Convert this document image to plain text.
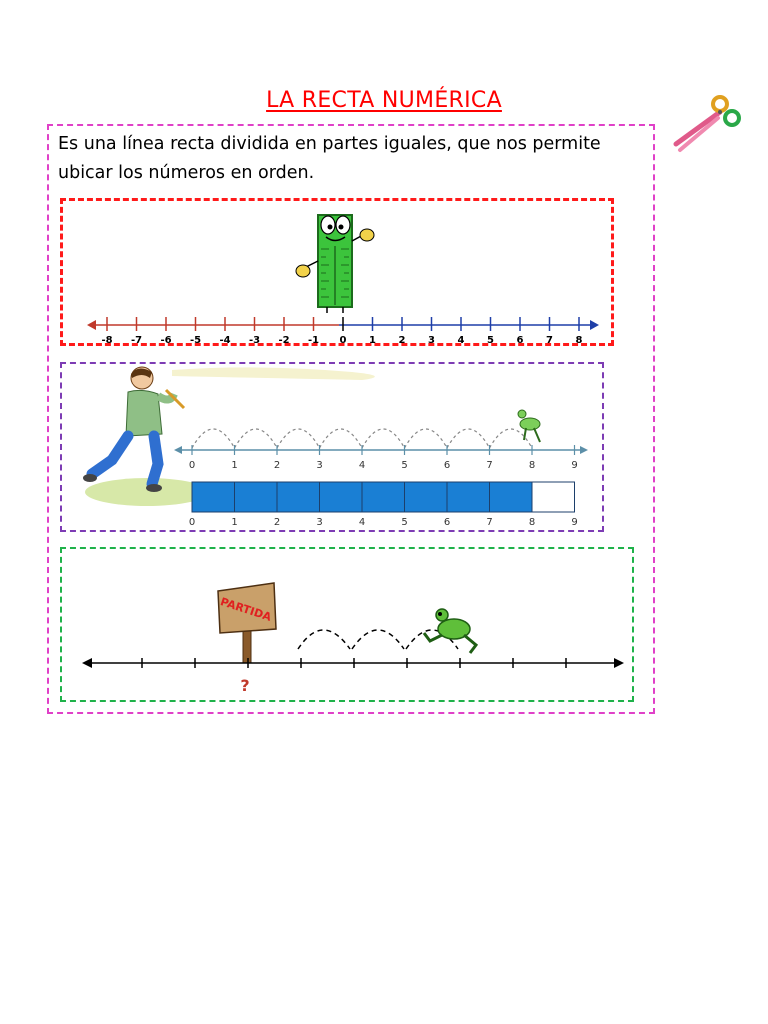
LA RECTA NUMÉRICA
Es una línea recta dividida en partes iguales, que nos permite ubicar los números en orden.
-8 -7 -6 -5 -4 -3 -2 -1 0 1 2 3 4 5 6 7 8
0	1	2	3	4	5	6	7	8	9
0	1	2	3	4	5	6	7	8	9
PARTIDA
?
